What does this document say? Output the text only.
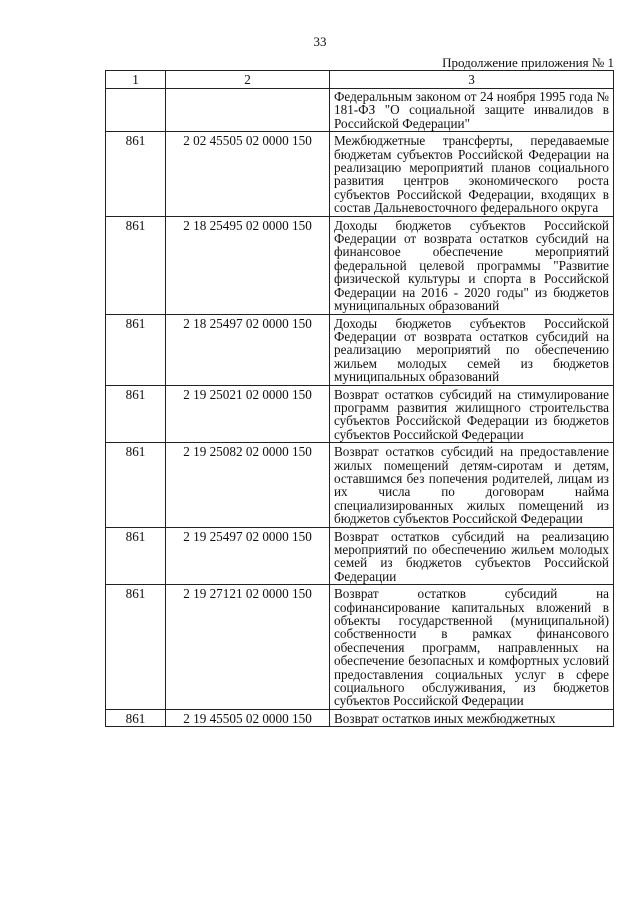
33
Продолжение приложения № 1
1	2	3
		Федеральным законом от 24 ноября 1995 года № 181-ФЗ "О социальной защите инвалидов в Российской Федерации"
861	2 02 45505 02 0000 150	Межбюджетные трансферты, передаваемые бюджетам субъектов Российской Федерации на реализацию мероприятий планов социального развития центров экономического роста субъектов Российской Федерации, входящих в состав Дальневосточного федерального округа
861	2 18 25495 02 0000 150	Доходы бюджетов субъектов Российской Федерации от возврата остатков субсидий на финансовое обеспечение мероприятий федеральной целевой программы "Развитие физической культуры и спорта в Российской Федерации на 2016 - 2020 годы" из бюджетов муниципальных образований
861	2 18 25497 02 0000 150	Доходы бюджетов субъектов Российской Федерации от возврата остатков субсидий на реализацию мероприятий по обеспечению жильем молодых семей из бюджетов муниципальных образований
861	2 19 25021 02 0000 150	Возврат остатков субсидий на стимулирование программ развития жилищного строительства субъектов Российской Федерации из бюджетов субъектов Российской Федерации
861	2 19 25082 02 0000 150	Возврат остатков субсидий на предоставление жилых помещений детям-сиротам и детям, оставшимся без попечения родителей, лицам из их числа по договорам найма специализированных жилых помещений из бюджетов субъектов Российской Федерации
861	2 19 25497 02 0000 150	Возврат остатков субсидий на реализацию мероприятий по обеспечению жильем молодых семей из бюджетов субъектов Российской Федерации
861	2 19 27121 02 0000 150	Возврат остатков субсидий на софинансирование капитальных вложений в объекты государственной (муниципальной) собственности в рамках финансового обеспечения программ, направленных на обеспечение безопасных и комфортных условий предоставления социальных услуг в сфере социального обслуживания, из бюджетов субъектов Российской Федерации
861	2 19 45505 02 0000 150	Возврат остатков иных межбюджетных
